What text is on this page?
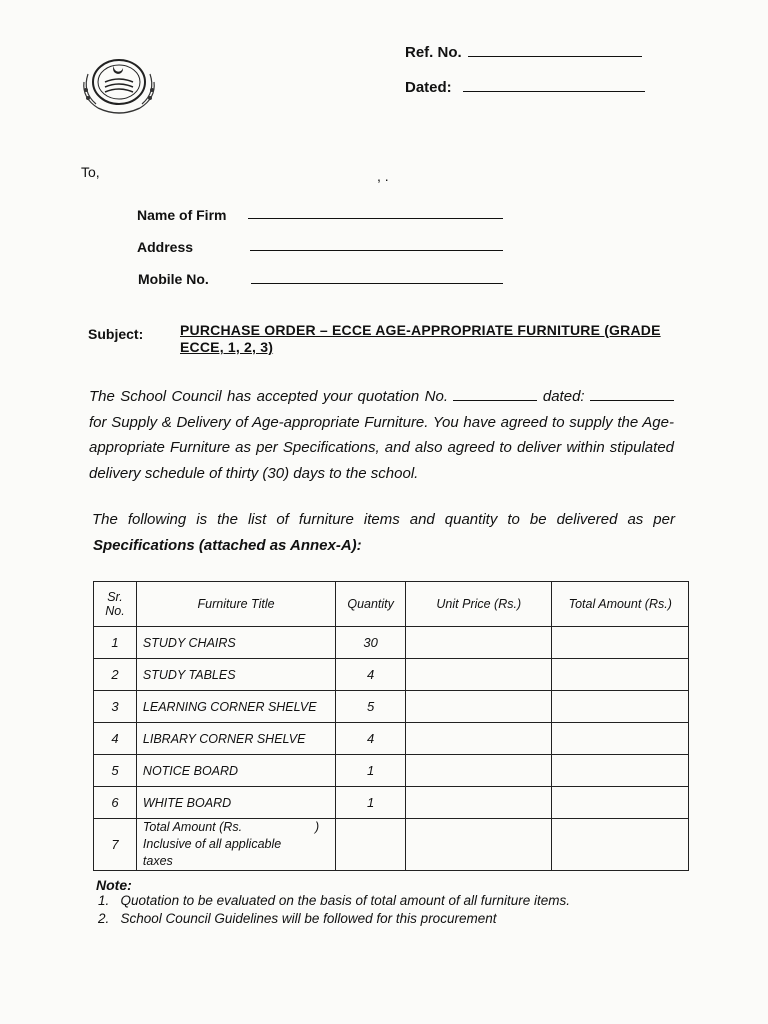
Ref. No.
Dated:
To,	, .
Name of Firm
Address
Mobile No.
Subject:	PURCHASE ORDER – ECCE AGE-APPROPRIATE FURNITURE (GRADE ECCE, 1, 2, 3)
The School Council has accepted your quotation No.	dated:  for Supply & Delivery of Age-appropriate Furniture. You have agreed to supply the Age-appropriate Furniture as per Specifications, and also agreed to deliver within stipulated delivery schedule of thirty (30) days to the school.
The following is the list of furniture items and quantity to be delivered as per
Specifications (attached as Annex-A):
Sr.
No.	Furniture Title	Quantity	Unit Price (Rs.)	Total Amount (Rs.)
1	STUDY CHAIRS	30		
2	STUDY TABLES	4		
3	LEARNING CORNER SHELVE	5		
4	LIBRARY CORNER SHELVE	4		
5	NOTICE BOARD	1		
6	WHITE BOARD	1		
7	Total Amount (Rs. )

Inclusive of all applicable
taxes			
Note:
1. Quotation to be evaluated on the basis of total amount of all furniture items.
2. School Council Guidelines will be followed for this procurement
